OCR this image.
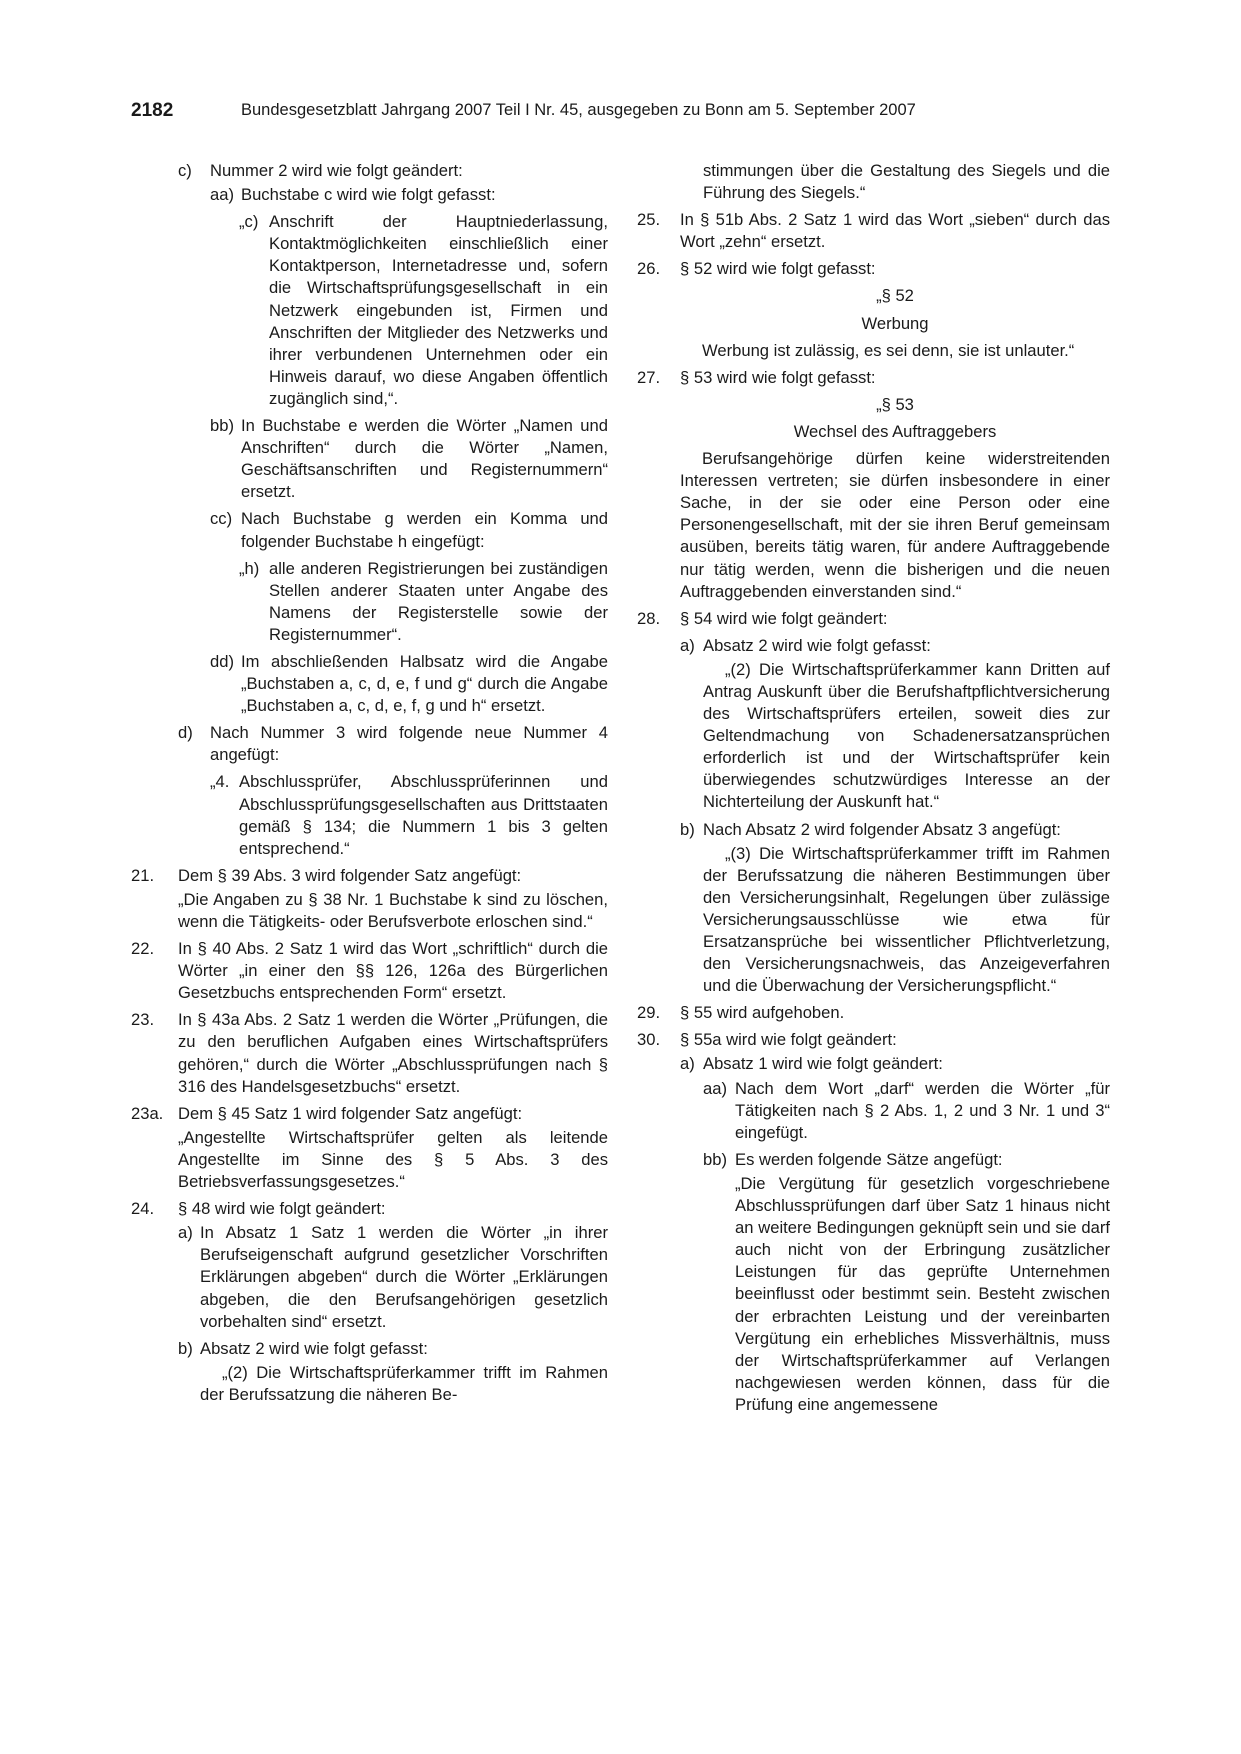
2182	Bundesgesetzblatt Jahrgang 2007 Teil I Nr. 45, ausgegeben zu Bonn am 5. September 2007
c) Nummer 2 wird wie folgt geändert:
aa) Buchstabe c wird wie folgt gefasst:
„c) Anschrift der Hauptniederlassung, Kontaktmöglichkeiten einschließlich einer Kontaktperson, Internetadresse und, sofern die Wirtschaftsprüfungsgesellschaft in ein Netzwerk eingebunden ist, Firmen und Anschriften der Mitglieder des Netzwerks und ihrer verbundenen Unternehmen oder ein Hinweis darauf, wo diese Angaben öffentlich zugänglich sind,“.
bb) In Buchstabe e werden die Wörter „Namen und Anschriften“ durch die Wörter „Namen, Geschäftsanschriften und Registernummern“ ersetzt.
cc) Nach Buchstabe g werden ein Komma und folgender Buchstabe h eingefügt:
„h) alle anderen Registrierungen bei zuständigen Stellen anderer Staaten unter Angabe des Namens der Registerstelle sowie der Registernummer“.
dd) Im abschließenden Halbsatz wird die Angabe „Buchstaben a, c, d, e, f und g“ durch die Angabe „Buchstaben a, c, d, e, f, g und h“ ersetzt.
d) Nach Nummer 3 wird folgende neue Nummer 4 angefügt:
„4. Abschlussprüfer, Abschlussprüferinnen und Abschlussprüfungsgesellschaften aus Drittstaaten gemäß § 134; die Nummern 1 bis 3 gelten entsprechend.“
21. Dem § 39 Abs. 3 wird folgender Satz angefügt:
„Die Angaben zu § 38 Nr. 1 Buchstabe k sind zu löschen, wenn die Tätigkeits- oder Berufsverbote erloschen sind.“
22. In § 40 Abs. 2 Satz 1 wird das Wort „schriftlich“ durch die Wörter „in einer den §§ 126, 126a des Bürgerlichen Gesetzbuchs entsprechenden Form“ ersetzt.
23. In § 43a Abs. 2 Satz 1 werden die Wörter „Prüfungen, die zu den beruflichen Aufgaben eines Wirtschaftsprüfers gehören,“ durch die Wörter „Abschlussprüfungen nach § 316 des Handelsgesetzbuchs“ ersetzt.
23a. Dem § 45 Satz 1 wird folgender Satz angefügt:
„Angestellte Wirtschaftsprüfer gelten als leitende Angestellte im Sinne des § 5 Abs. 3 des Betriebsverfassungsgesetzes.“
24. § 48 wird wie folgt geändert:
a) In Absatz 1 Satz 1 werden die Wörter „in ihrer Berufseigenschaft aufgrund gesetzlicher Vorschriften Erklärungen abgeben“ durch die Wörter „Erklärungen abgeben, die den Berufsangehörigen gesetzlich vorbehalten sind“ ersetzt.
b) Absatz 2 wird wie folgt gefasst:
„(2) Die Wirtschaftsprüferkammer trifft im Rahmen der Berufssatzung die näheren Be-
stimmungen über die Gestaltung des Siegels und die Führung des Siegels.“
25. In § 51b Abs. 2 Satz 1 wird das Wort „sieben“ durch das Wort „zehn“ ersetzt.
26. § 52 wird wie folgt gefasst:
„§ 52
Werbung
Werbung ist zulässig, es sei denn, sie ist unlauter.“
27. § 53 wird wie folgt gefasst:
„§ 53
Wechsel des Auftraggebers
Berufsangehörige dürfen keine widerstreitenden Interessen vertreten; sie dürfen insbesondere in einer Sache, in der sie oder eine Person oder eine Personengesellschaft, mit der sie ihren Beruf gemeinsam ausüben, bereits tätig waren, für andere Auftraggebende nur tätig werden, wenn die bisherigen und die neuen Auftraggebenden einverstanden sind.“
28. § 54 wird wie folgt geändert:
a) Absatz 2 wird wie folgt gefasst:
„(2) Die Wirtschaftsprüferkammer kann Dritten auf Antrag Auskunft über die Berufshaftpflichtversicherung des Wirtschaftsprüfers erteilen, soweit dies zur Geltendmachung von Schadenersatzansprüchen erforderlich ist und der Wirtschaftsprüfer kein überwiegendes schutzwürdiges Interesse an der Nichterteilung der Auskunft hat.“
b) Nach Absatz 2 wird folgender Absatz 3 angefügt:
„(3) Die Wirtschaftsprüferkammer trifft im Rahmen der Berufssatzung die näheren Bestimmungen über den Versicherungsinhalt, Regelungen über zulässige Versicherungsausschlüsse wie etwa für Ersatzansprüche bei wissentlicher Pflichtverletzung, den Versicherungsnachweis, das Anzeigeverfahren und die Überwachung der Versicherungspflicht.“
29. § 55 wird aufgehoben.
30. § 55a wird wie folgt geändert:
a) Absatz 1 wird wie folgt geändert:
aa) Nach dem Wort „darf“ werden die Wörter „für Tätigkeiten nach § 2 Abs. 1, 2 und 3 Nr. 1 und 3“ eingefügt.
bb) Es werden folgende Sätze angefügt:
„Die Vergütung für gesetzlich vorgeschriebene Abschlussprüfungen darf über Satz 1 hinaus nicht an weitere Bedingungen geknüpft sein und sie darf auch nicht von der Erbringung zusätzlicher Leistungen für das geprüfte Unternehmen beeinflusst oder bestimmt sein. Besteht zwischen der erbrachten Leistung und der vereinbarten Vergütung ein erhebliches Missverhältnis, muss der Wirtschaftsprüferkammer auf Verlangen nachgewiesen werden können, dass für die Prüfung eine angemessene
